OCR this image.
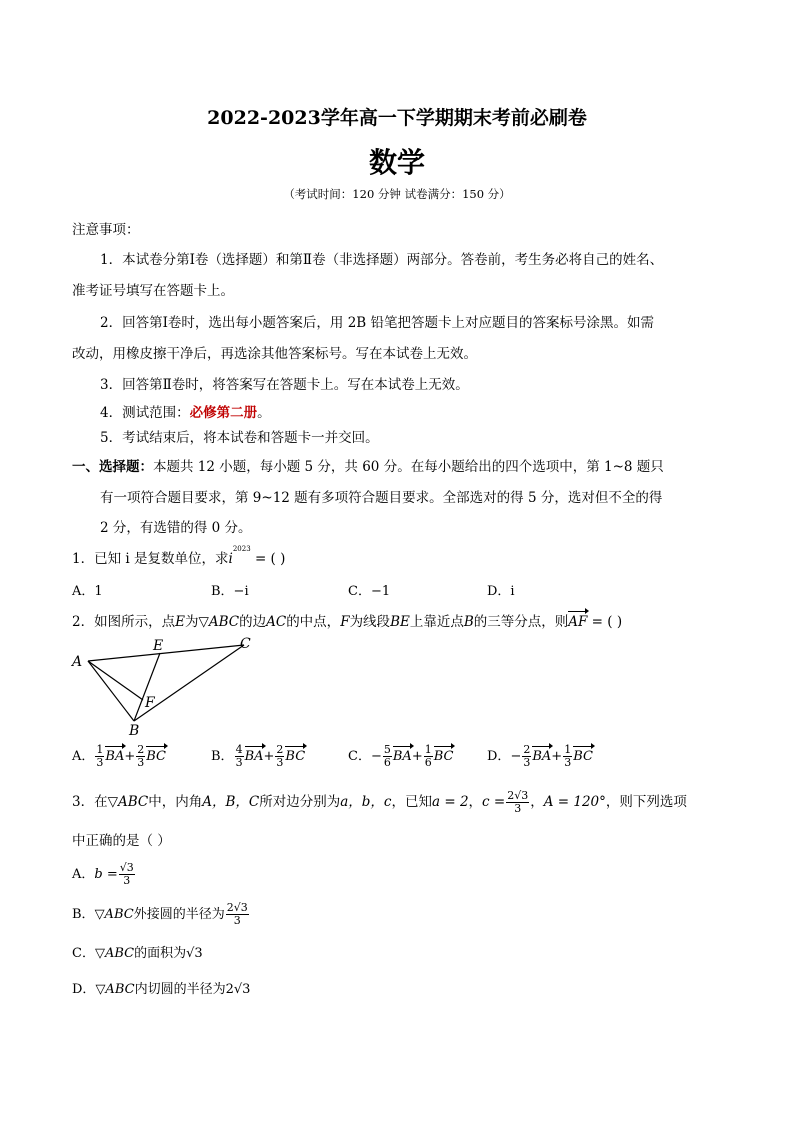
2022-2023学年高一下学期期末考前必刷卷
数学
（考试时间：120 分钟 试卷满分：150 分）
注意事项：
1．本试卷分第Ⅰ卷（选择题）和第Ⅱ卷（非选择题）两部分。答卷前，考生务必将自己的姓名、
准考证号填写在答题卡上。
2．回答第Ⅰ卷时，选出每小题答案后，用 2B 铅笔把答题卡上对应题目的答案标号涂黑。如需
改动，用橡皮擦干净后，再选涂其他答案标号。写在本试卷上无效。
3．回答第Ⅱ卷时，将答案写在答题卡上。写在本试卷上无效。
4．测试范围：必修第二册。
5．考试结束后，将本试卷和答题卡一并交回。
一、选择题：本题共 12 小题，每小题 5 分，共 60 分。在每小题给出的四个选项中，第 1~8 题只
有一项符合题目要求，第 9~12 题有多项符合题目要求。全部选对的得 5 分，选对但不全的得
2 分，有选错的得 0 分。
1．已知 i 是复数单位，求$i^{2023}$ = ( )
A．1	B．−i	C．−1	D．i
2．如图所示，点E为▽ABC的边AC的中点，F为线段BE上靠近点B的三等分点，则AF = ( )
A
C
E
F
B
A． $\frac{1}{3} BA+ \frac{2}{3}$ BC	B． $\frac{4}{3} BA+ \frac{2}{3}$ BC	C．− $\frac{5}{6} BA+ \frac{1}{6}$ BC	D．− $\frac{2}{3} BA+ \frac{1}{3}$ BC
3．在▽ABC中，内角A，B，C所对边分别为a，b，c，已知a = 2，$c = \frac{2√3}{3}$ ，A = 120°，则下列选项
中正确的是（ ）
A．$b = \frac{√3}{3}$
B．▽ABC外接圆的半径为 $\frac{2√3}{3}$
C．▽ABC的面积为√3
D．▽ABC内切圆的半径为2√3
